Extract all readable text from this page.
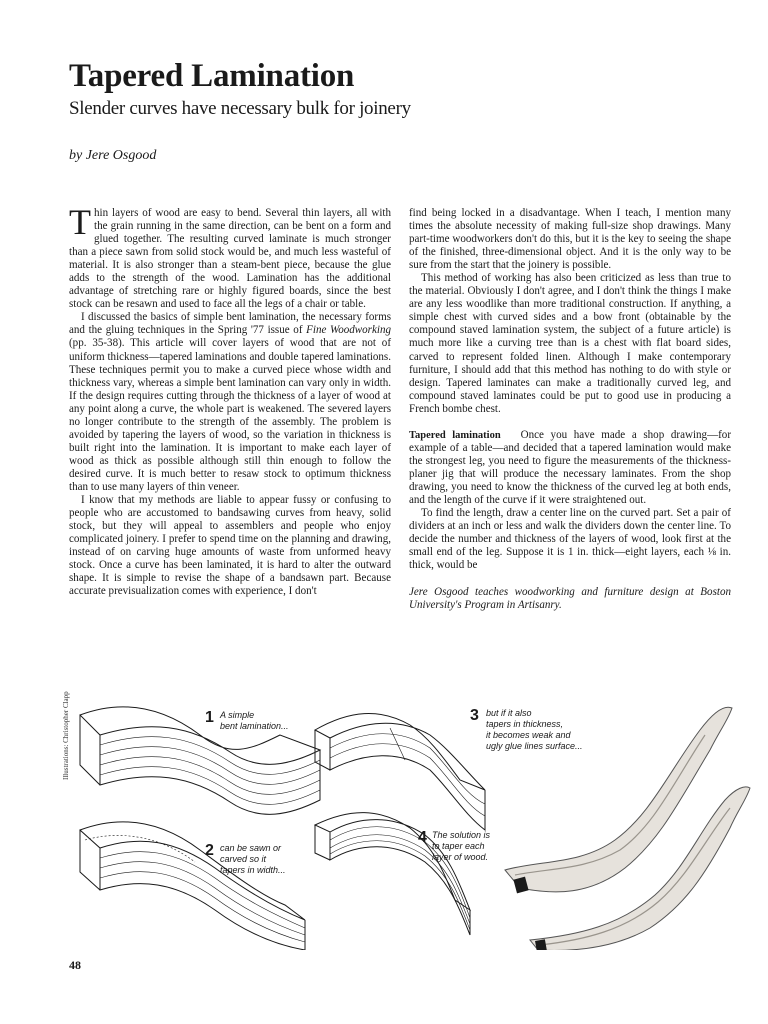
Tapered Lamination
Slender curves have necessary bulk for joinery

by Jere Osgood

Thin layers of wood are easy to bend. Several thin layers, all with the grain running in the same direction, can be bent on a form and glued together. The resulting curved laminate is much stronger than a piece sawn from solid stock would be, and much less wasteful of material. It is also stronger than a steam-bent piece, because the glue adds to the strength of the wood. Lamination has the additional advantage of stretching rare or highly figured boards, since the best stock can be resawn and used to face all the legs of a chair or table.

I discussed the basics of simple bent lamination, the necessary forms and the gluing techniques in the Spring '77 issue of Fine Woodworking (pp. 35-38). This article will cover layers of wood that are not of uniform thickness—tapered laminations and double tapered laminations. These techniques permit you to make a curved piece whose width and thickness vary, whereas a simple bent lamination can vary only in width. If the design requires cutting through the thickness of a layer of wood at any point along a curve, the whole part is weakened. The severed layers no longer contribute to the strength of the assembly. The problem is avoided by tapering the layers of wood, so the variation in thickness is built right into the lamination. It is important to make each layer of wood as thick as possible although still thin enough to follow the desired curve. It is much better to resaw stock to optimum thickness than to use many layers of thin veneer.

I know that my methods are liable to appear fussy or confusing to people who are accustomed to bandsawing curves from heavy, solid stock, but they will appeal to assemblers and people who enjoy complicated joinery. I prefer to spend time on the planning and drawing, instead of on carving huge amounts of waste from unformed heavy stock. Once a curve has been laminated, it is hard to alter the outward shape. It is simple to revise the shape of a bandsawn part. Because accurate previsualization comes with experience, I don't

find being locked in a disadvantage. When I teach, I mention many times the absolute necessity of making full-size shop drawings. Many part-time woodworkers don't do this, but it is the key to seeing the shape of the finished, three-dimensional object. And it is the only way to be sure from the start that the joinery is possible.

This method of working has also been criticized as less than true to the material. Obviously I don't agree, and I don't think the things I make are any less woodlike than more traditional construction. If anything, a simple chest with curved sides and a bow front (obtainable by the compound staved lamination system, the subject of a future article) is much more like a curving tree than is a chest with flat board sides, carved to represent folded linen. Although I make contemporary furniture, I should add that this method has nothing to do with style or design. Tapered laminates can make a traditionally curved leg, and compound staved laminates could be put to good use in producing a French bombe chest.

Tapered lamination Once you have made a shop drawing—for example of a table—and decided that a tapered lamination would make the strongest leg, you need to figure the measurements of the thickness-planer jig that will produce the necessary laminates. From the shop drawing, you need to know the thickness of the curved leg at both ends, and the length of the curve if it were straightened out.

To find the length, draw a center line on the curved part. Set a pair of dividers at an inch or less and walk the dividers down the center line. To decide the number and thickness of the layers of wood, look first at the small end of the leg. Suppose it is 1 in. thick—eight layers, each ⅛ in. thick, would be

Jere Osgood teaches woodworking and furniture design at Boston University's Program in Artisanry.

Illustrations: Christopher Clapp	1 A simple
bent lamination...
2 can be sawn or
carved so it
tapers in width...
3 but if it also
tapers in thickness,
it becomes weak and
ugly glue lines surface...
4 The solution is
to taper each
layer of wood.
48
